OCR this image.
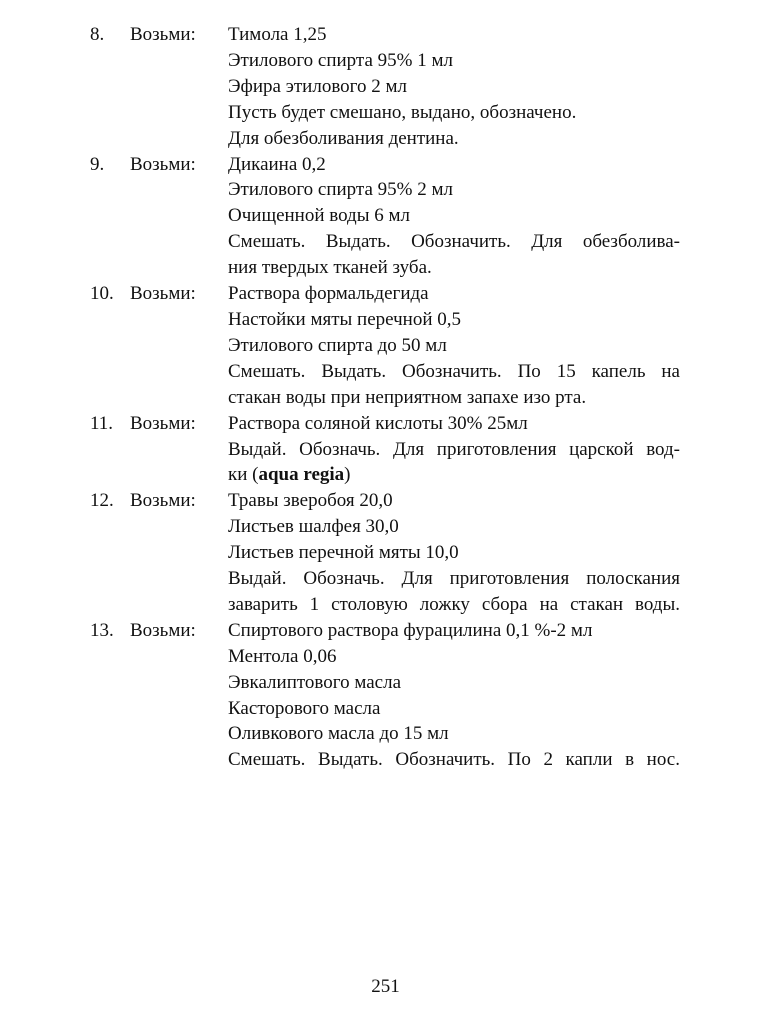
8. Возьми: Тимола 1,25
Этилового спирта 95% 1 мл
Эфира этилового 2 мл
Пусть будет смешано, выдано, обозначено.
Для обезболивания дентина.
9. Возьми: Дикаина 0,2
Этилового спирта 95% 2 мл
Очищенной воды 6 мл
Смешать. Выдать. Обозначить. Для обезболива-
ния твердых тканей зуба.
10. Возьми: Раствора формальдегида
Настойки мяты перечной 0,5
Этилового спирта до 50 мл
Смешать. Выдать. Обозначить. По 15 капель на
стакан воды при неприятном запахе изо рта.
11. Возьми: Раствора соляной кислоты 30% 25мл
Выдай. Обозначь. Для приготовления царской вод-
ки (aqua regia)
12. Возьми: Травы зверобоя 20,0
Листьев шалфея 30,0
Листьев перечной мяты 10,0
Выдай. Обозначь. Для приготовления полоскания
заварить 1 столовую ложку сбора на стакан воды.
13. Возьми: Спиртового раствора фурацилина 0,1 %-2 мл
Ментола 0,06
Эвкалиптового масла
Касторового масла
Оливкового масла до 15 мл
Смешать. Выдать. Обозначить. По 2 капли в нос.
251
